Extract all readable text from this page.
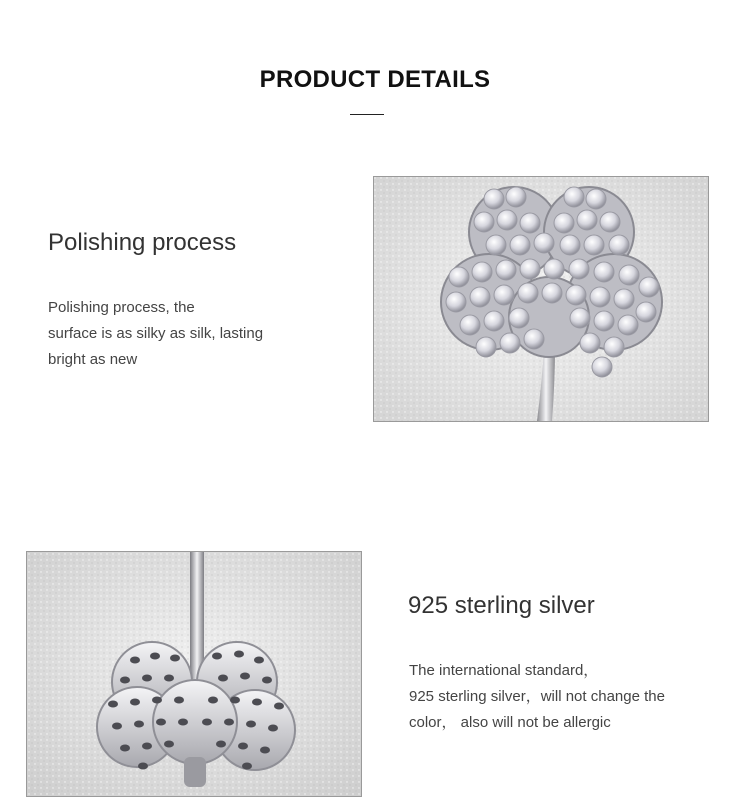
PRODUCT DETAILS
Polishing process
Polishing process, the
surface is as silky as silk, lasting
bright as new
925 sterling silver
The international standard，
925 sterling silver，will not change the
color， also will not be allergic
